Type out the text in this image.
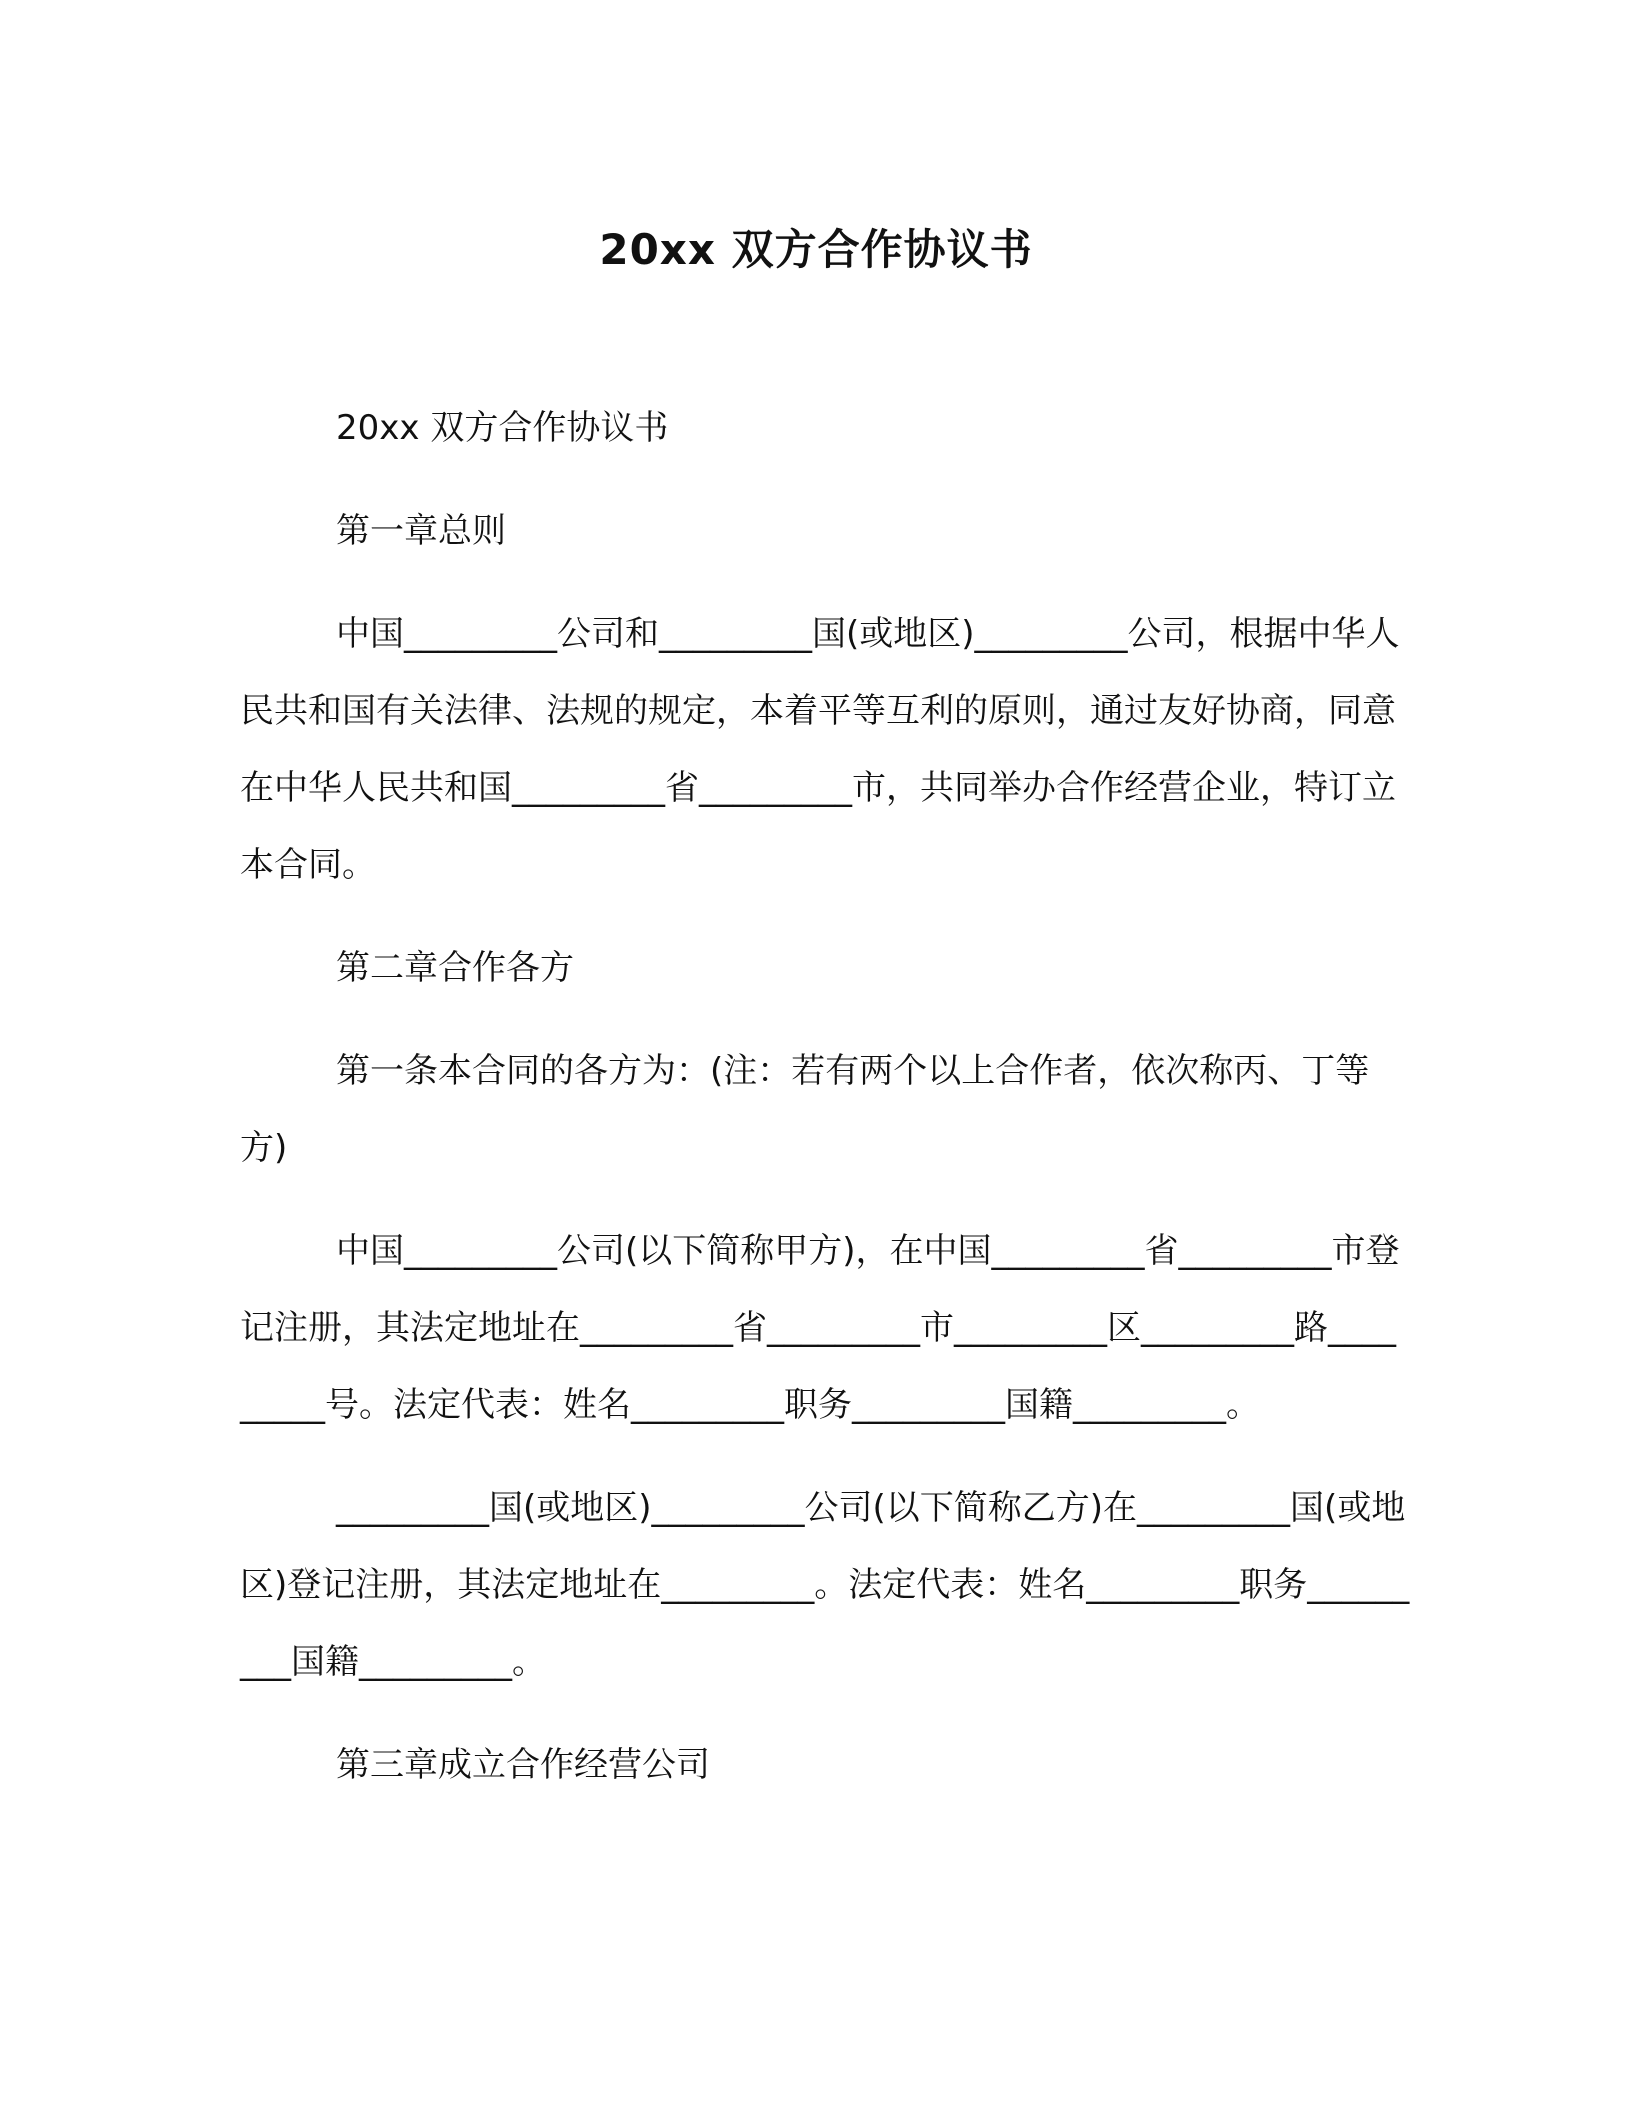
20xx 双方合作协议书

20xx 双方合作协议书

第一章总则

中国_________公司和_________国(或地区)_________公司，根据中华人民共和国有关法律、法规的规定，本着平等互利的原则，通过友好协商，同意在中华人民共和国_________省_________市，共同举办合作经营企业，特订立本合同。

第二章合作各方

第一条本合同的各方为：(注：若有两个以上合作者，依次称丙、丁等方)

中国_________公司(以下简称甲方)，在中国_________省_________市登记注册，其法定地址在_________省_________市_________区_________路_________号。法定代表：姓名_________职务_________国籍_________。

_________国(或地区)_________公司(以下简称乙方)在_________国(或地区)登记注册，其法定地址在_________。法定代表：姓名_________职务_________国籍_________。

第三章成立合作经营公司
